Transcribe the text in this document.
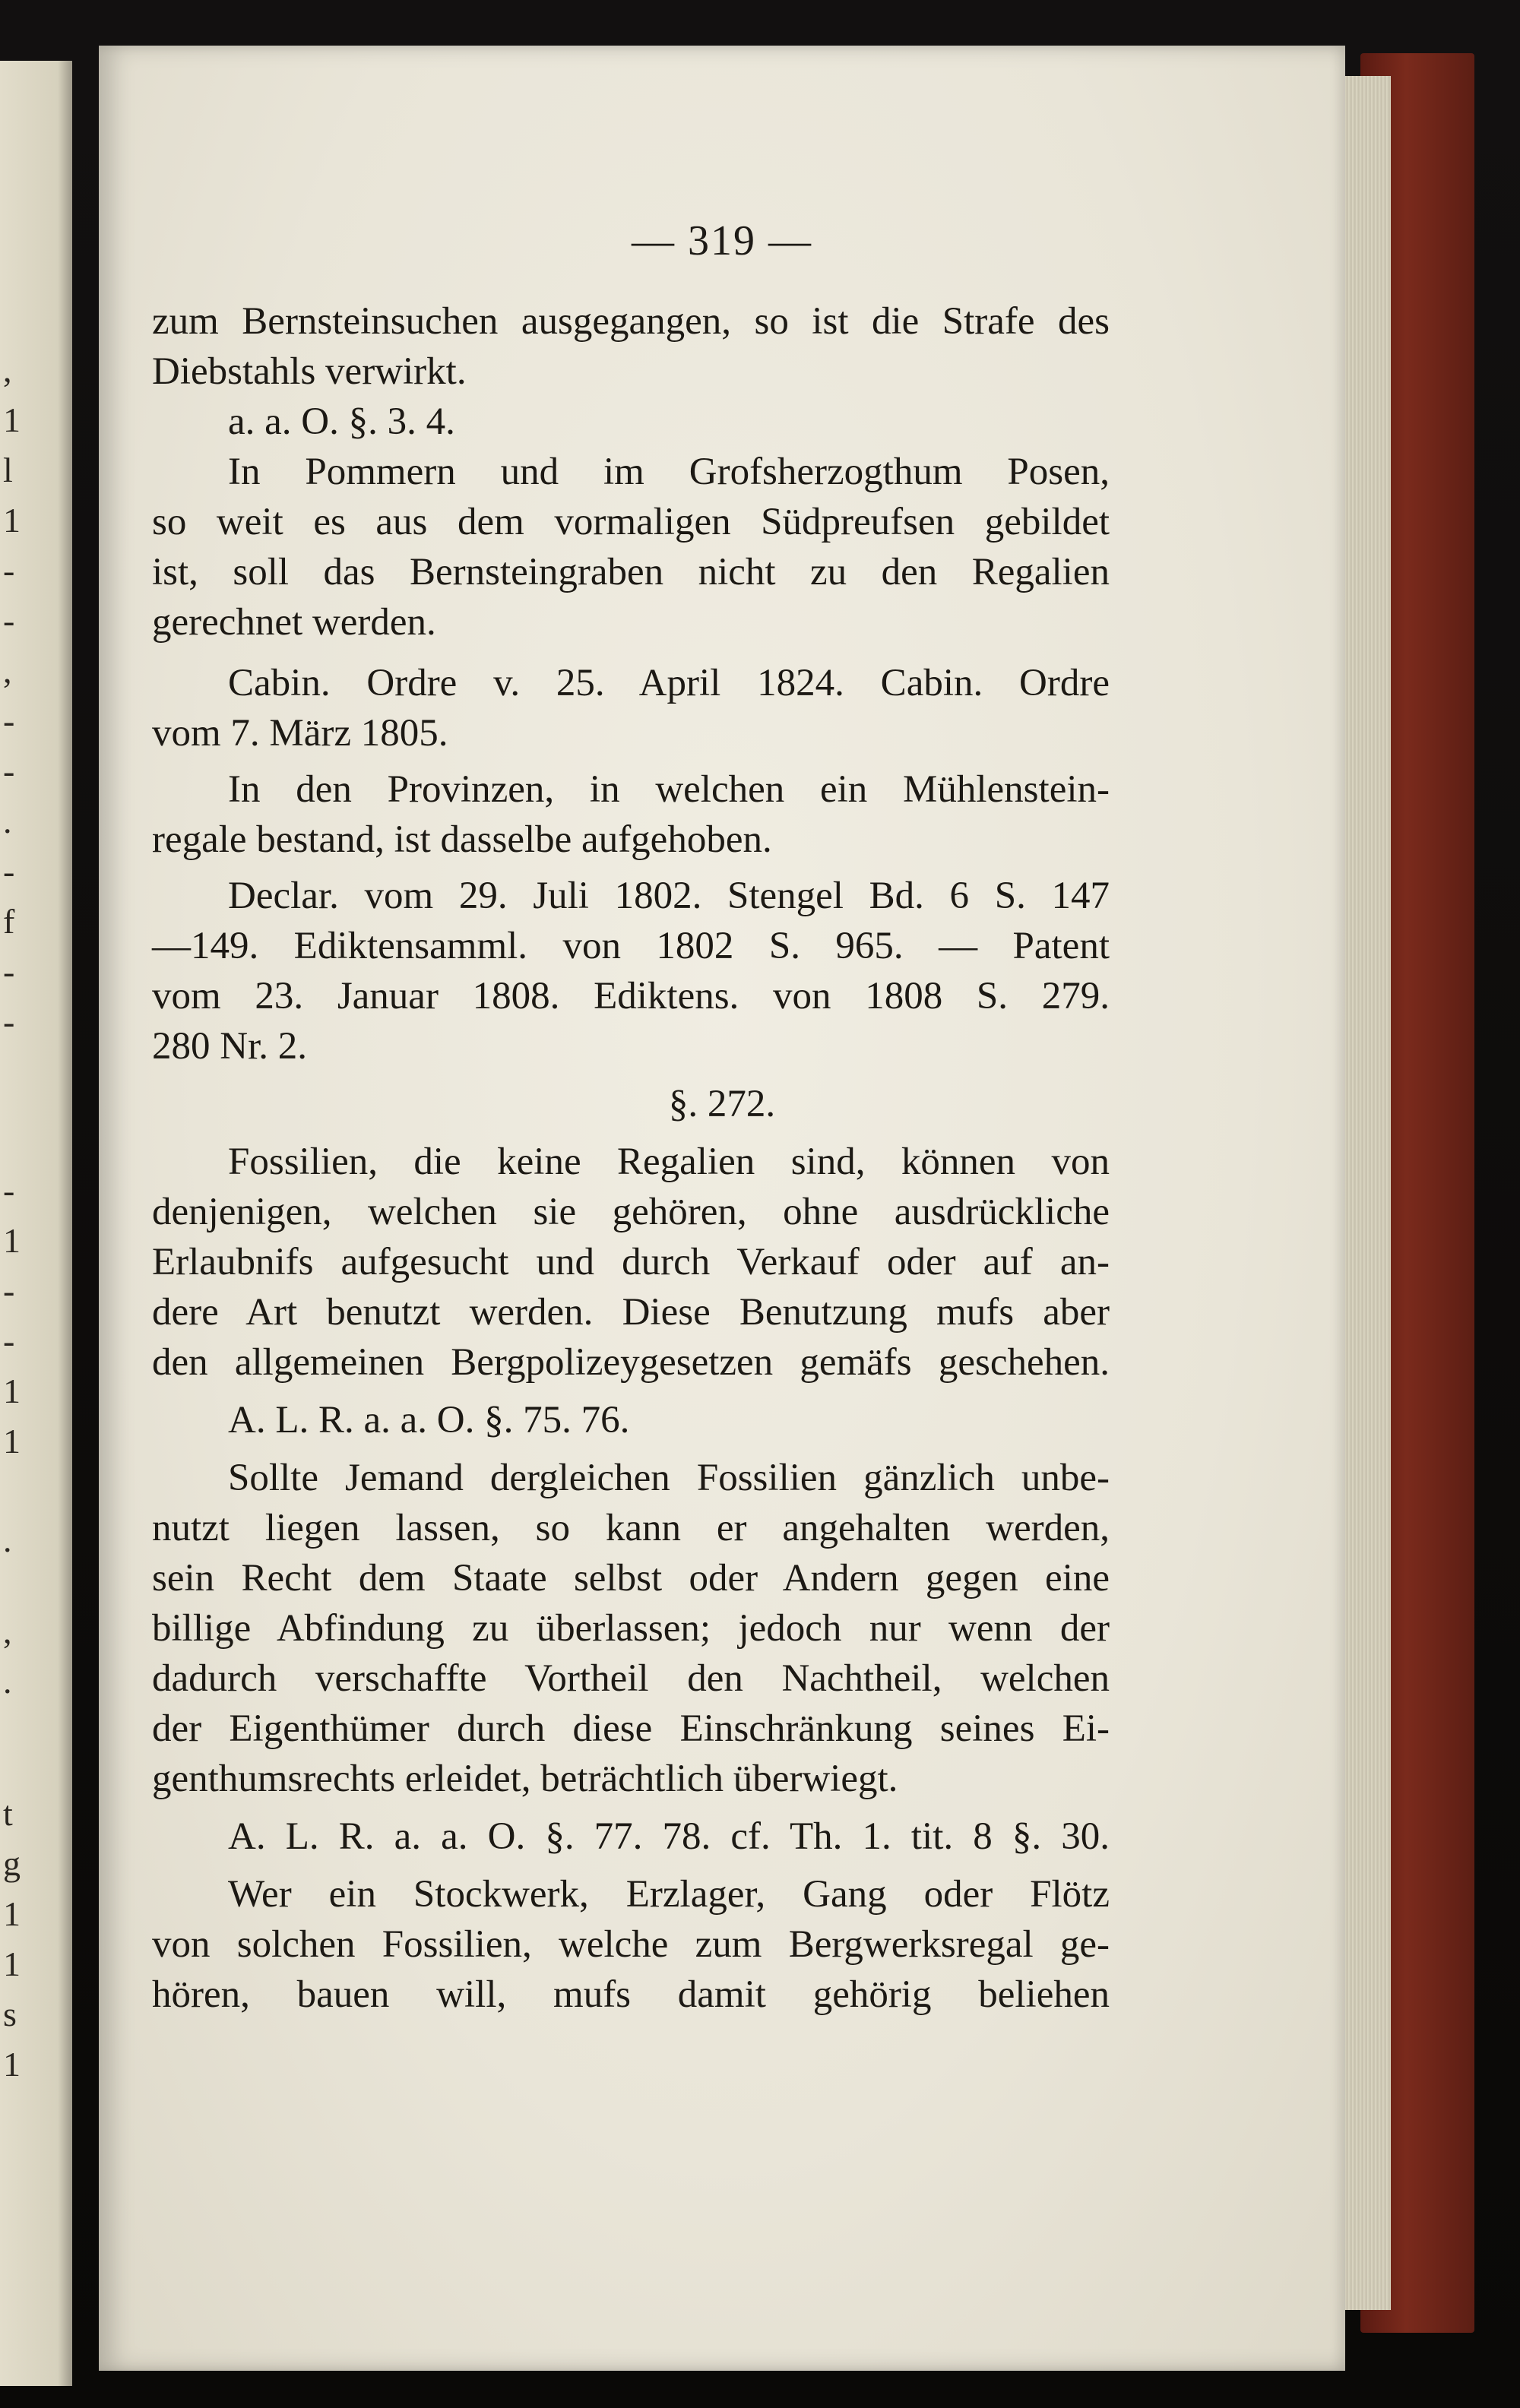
,
1
l
1
-
-
,
-
-
.
-
f
-
-
-
1
-
-
1
1
.
,
.
t
g
1
1
s
1
— 319 —
zum Bernsteinsuchen ausgegangen, so ist die Strafe des
Diebstahls verwirkt.
a. a. O. §. 3. 4.
In Pommern und im Grofsherzogthum Posen,
so weit es aus dem vormaligen Südpreufsen gebildet
ist, soll das Bernsteingraben nicht zu den Regalien
gerechnet werden.
Cabin. Ordre v. 25. April 1824. Cabin. Ordre
vom 7. März 1805.
In den Provinzen, in welchen ein Mühlenstein-
regale bestand, ist dasselbe aufgehoben.
Declar. vom 29. Juli 1802. Stengel Bd. 6 S. 147
—149. Ediktensamml. von 1802 S. 965. — Patent
vom 23. Januar 1808. Ediktens. von 1808 S. 279.
280 Nr. 2.
§. 272.
Fossilien, die keine Regalien sind, können von
denjenigen, welchen sie gehören, ohne ausdrückliche
Erlaubnifs aufgesucht und durch Verkauf oder auf an-
dere Art benutzt werden. Diese Benutzung mufs aber
den allgemeinen Bergpolizeygesetzen gemäfs geschehen.
A. L. R. a. a. O. §. 75. 76.
Sollte Jemand dergleichen Fossilien gänzlich unbe-
nutzt liegen lassen, so kann er angehalten werden,
sein Recht dem Staate selbst oder Andern gegen eine
billige Abfindung zu überlassen; jedoch nur wenn der
dadurch verschaffte Vortheil den Nachtheil, welchen
der Eigenthümer durch diese Einschränkung seines Ei-
genthumsrechts erleidet, beträchtlich überwiegt.
A. L. R. a. a. O. §. 77. 78. cf. Th. 1. tit. 8 §. 30.
Wer ein Stockwerk, Erzlager, Gang oder Flötz
von solchen Fossilien, welche zum Bergwerksregal ge-
hören, bauen will, mufs damit gehörig beliehen
